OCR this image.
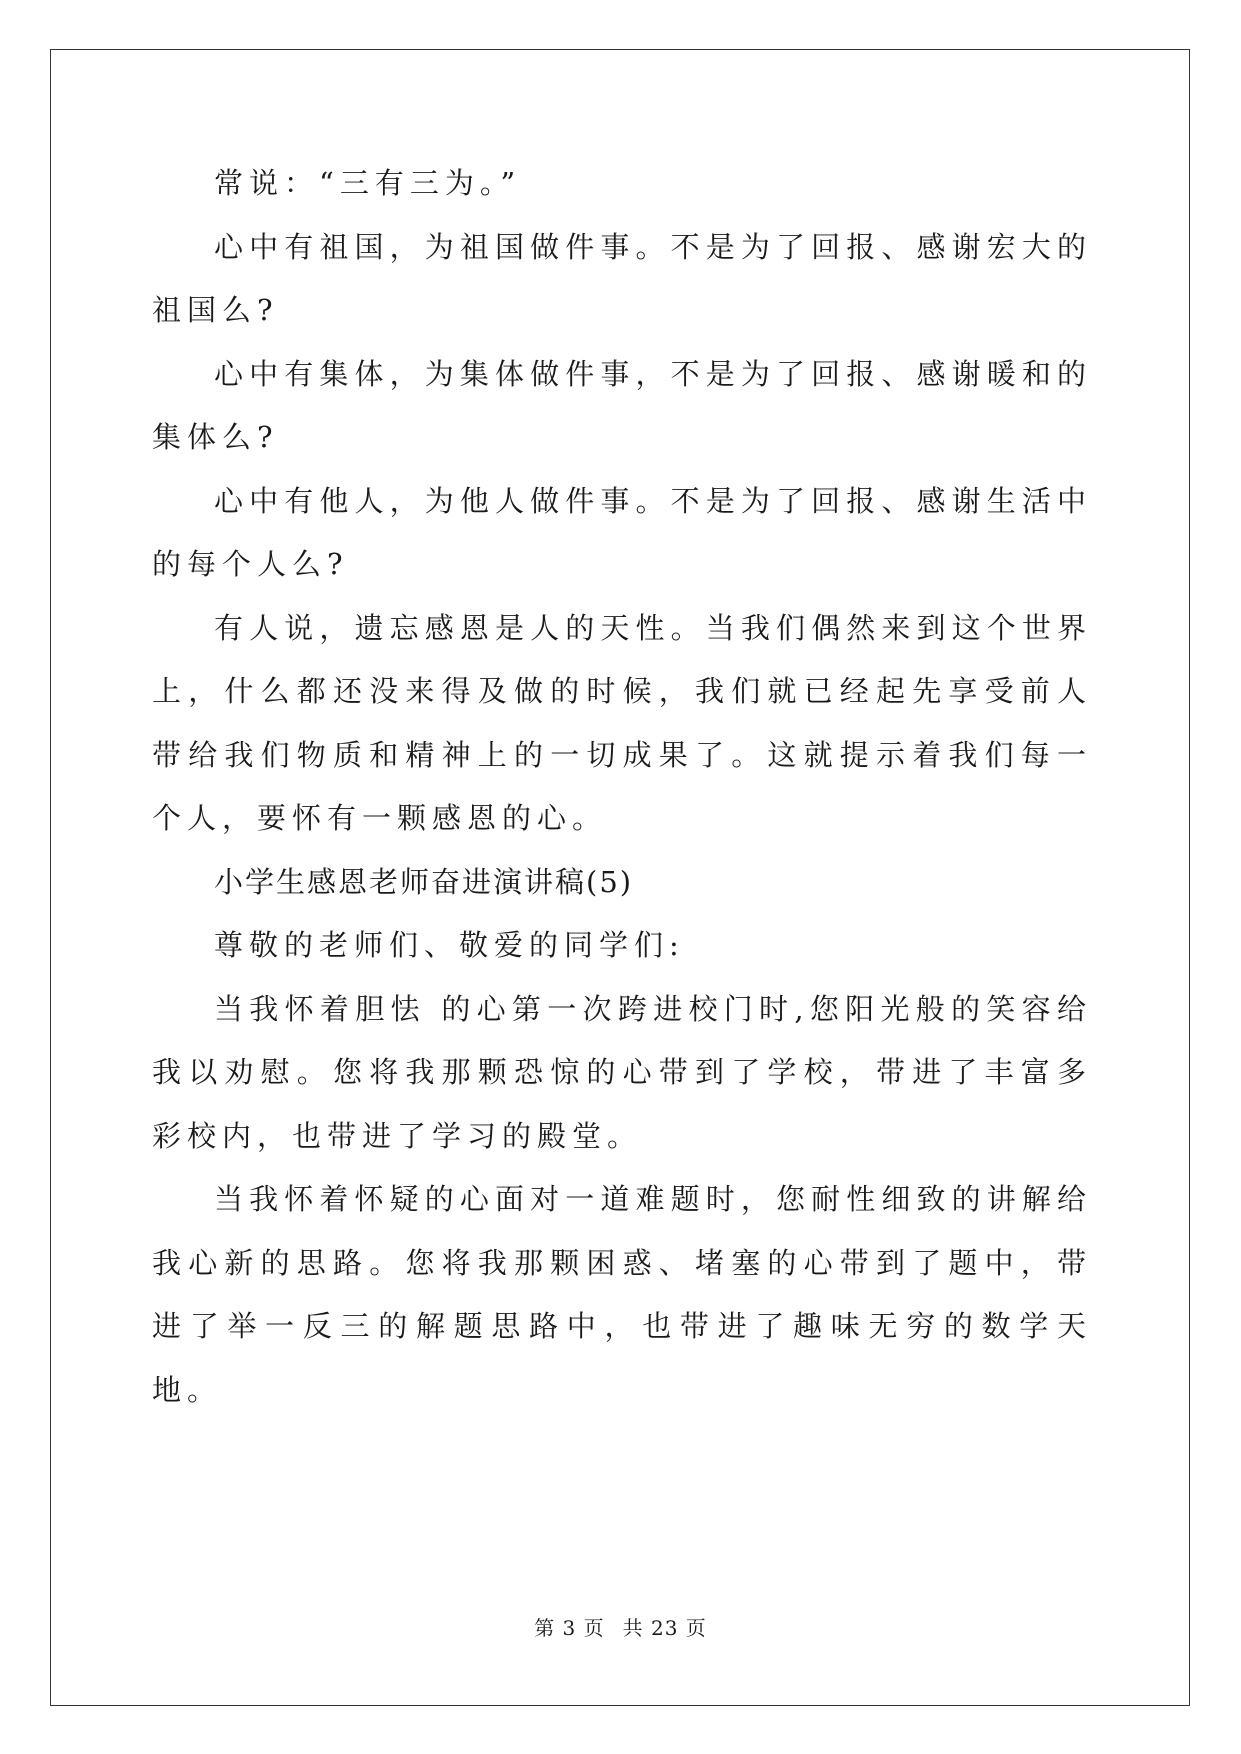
常说：“三有三为。”

心中有祖国，为祖国做件事。不是为了回报、感谢宏大的祖国么?

心中有集体，为集体做件事，不是为了回报、感谢暖和的集体么?

心中有他人，为他人做件事。不是为了回报、感谢生活中的每个人么?

有人说，遗忘感恩是人的天性。当我们偶然来到这个世界上，什么都还没来得及做的时候，我们就已经起先享受前人带给我们物质和精神上的一切成果了。这就提示着我们每一个人，要怀有一颗感恩的心。

小学生感恩老师奋进演讲稿(5)

尊敬的老师们、敬爱的同学们:

当我怀着胆怯 的心第一次跨进校门时,您阳光般的笑容给我以劝慰。您将我那颗恐惊的心带到了学校，带进了丰富多彩校内，也带进了学习的殿堂。

当我怀着怀疑的心面对一道难题时，您耐性细致的讲解给我心新的思路。您将我那颗困惑、堵塞的心带到了题中，带进了举一反三的解题思路中，也带进了趣味无穷的数学天地。

第 3 页 共 23 页
